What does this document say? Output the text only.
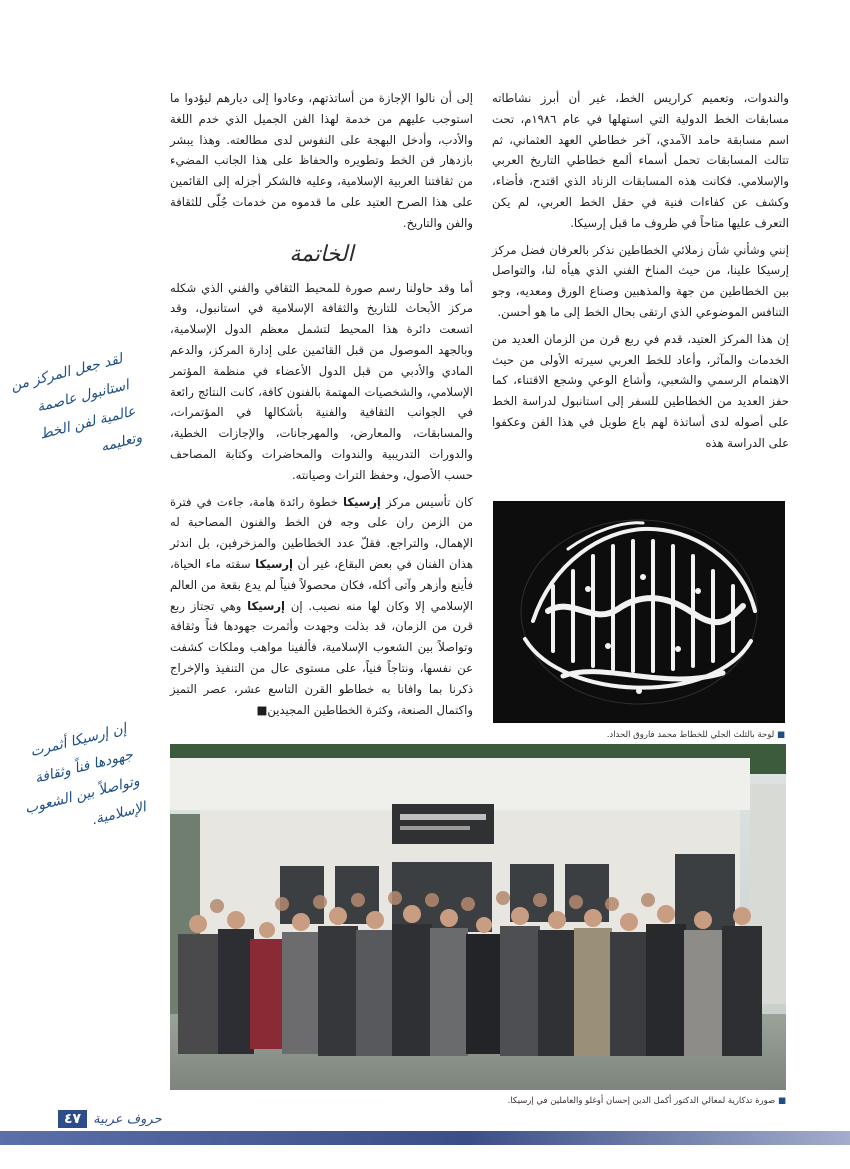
والندوات، وتعميم كراريس الخط، غير أن أبرز نشاطاته مسابقات الخط الدولية التي استهلها في عام ١٩٨٦م، تحت اسم مسابقة حامد الآمدي، آخر خطاطي العهد العثماني، ثم تتالت المسابقات تحمل أسماء ألمع خطاطي التاريخ العربي والإسلامي. فكانت هذه المسابقات الزناد الذي اقتدح، فأضاء، وكشف عن كفاءات فنية في حقل الخط العربي، لم يكن التعرف عليها متاحاً في ظروف ما قبل إرسيكا.

إنني وشأني شأن زملائي الخطاطين نذكر بالعرفان فضل مركز إرسيكا علينا، من حيث المناخ الفني الذي هيأه لنا، والتواصل بين الخطاطين من جهة والمذهبين وصناع الورق ومعديه، وجو التنافس الموضوعي الذي ارتقى بحال الخط إلى ما هو أحسن.

إن هذا المركز العتيد، قدم في ربع قرن من الزمان العديد من الخدمات والمآثر، وأعاد للخط العربي سيرته الأولى من حيث الاهتمام الرسمي والشعبي، وأشاع الوعي وشجع الاقتناء، كما حفز العديد من الخطاطين للسفر إلى استانبول لدراسة الخط على أصوله لدى أساتذة لهم باع طويل في هذا الفن وعكفوا على الدراسة هذه

إلى أن نالوا الإجازة من أساتذتهم، وعادوا إلى ديارهم ليؤدوا ما استوجب عليهم من خدمة لهذا الفن الجميل الذي خدم اللغة والأدب، وأدخل البهجة على النفوس لدى مطالعته. وهذا يبشر بازدهار فن الخط وتطويره والحفاظ على هذا الجانب المضيء من ثقافتنا العربية الإسلامية، وعليه فالشكر أجزله إلى القائمين على هذا الصرح العتيد على ما قدموه من خدمات جُلّى للثقافة والفن والتاريخ.

الخاتمة

أما وقد حاولنا رسم صورة للمحيط الثقافي والفني الذي شكله مركز الأبحاث للتاريخ والثقافة الإسلامية في استانبول، وقد اتسعت دائرة هذا المحيط لتشمل معظم الدول الإسلامية، وبالجهد الموصول من قبل القائمين على إدارة المركز، والدعم المادي والأدبي من قبل الدول الأعضاء في منظمة المؤتمر الإسلامي، والشخصيات المهتمة بالفنون كافة، كانت النتائج رائعة في الجوانب الثقافية والفنية بأشكالها في المؤتمرات، والمسابقات، والمعارض، والمهرجانات، والإجازات الخطية، والدورات التدريبية والندوات والمحاضرات وكتابة المصاحف حسب الأصول، وحفظ التراث وصيانته.

كان تأسيس مركز إرسيكا خطوة رائدة هامة، جاءت في فترة من الزمن ران على وجه فن الخط والفنون المصاحبة له الإهمال، والتراجع. فقلّ عدد الخطاطين والمزخرفين، بل اندثر هذان الفنان في بعض البقاع، غير أن إرسيكا سقته ماء الحياة، فأينع وأزهر وآتى أكله، فكان محصولاً فنياً لم يدع بقعة من العالم الإسلامي إلا وكان لها منه نصيب. إن إرسيكا وهي تجتاز ربع قرن من الزمان، قد بذلت وجهدت وأثمرت جهودها فناً وثقافة وتواصلاً بين الشعوب الإسلامية، فألفينا مواهب وملكات كشفت عن نفسها، ونتاجاً فنياً، على مستوى عال من التنفيذ والإخراج ذكرنا بما وافانا به خطاطو القرن التاسع عشر، عصر التميز واكتمال الصنعة، وكثرة الخطاطين المجيدين■

لقد جعل المركز من استانبول عاصمة عالمية لفن الخط وتعليمه
إن إرسيكا أثمرت جهودها فناً وثقافة وتواصلاً بين الشعوب الإسلامية.
■ لوحة بالثلث الجلي للخطاط محمد فاروق الحداد.
■ صورة تذكارية لمعالي الدكتور أكمل الدين إحسان أوغلو والعاملين في إرسيكا.
٤٧ حروف عربية
